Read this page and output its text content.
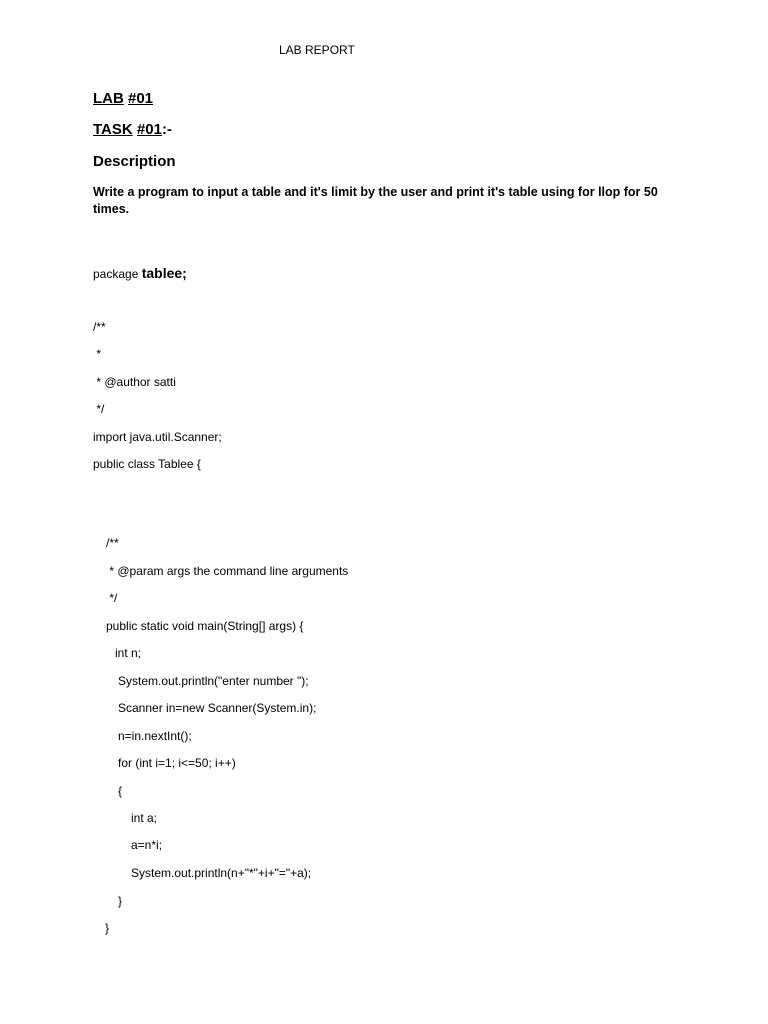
LAB REPORT
LAB #01
TASK #01:-
Description
Write a program to input a table and it's limit by the user and print it's table using for llop for 50 times.
package tablee;
/**
*
* @author satti
*/
import java.util.Scanner;
public class Tablee {
/**
* @param args the command line arguments
*/
public static void main(String[] args) {
int n;
System.out.println("enter number ");
Scanner in=new Scanner(System.in);
n=in.nextInt();
for (int i=1; i<=50; i++)
{
int a;
a=n*i;
System.out.println(n+"*"+i+"="+a);
}
}
